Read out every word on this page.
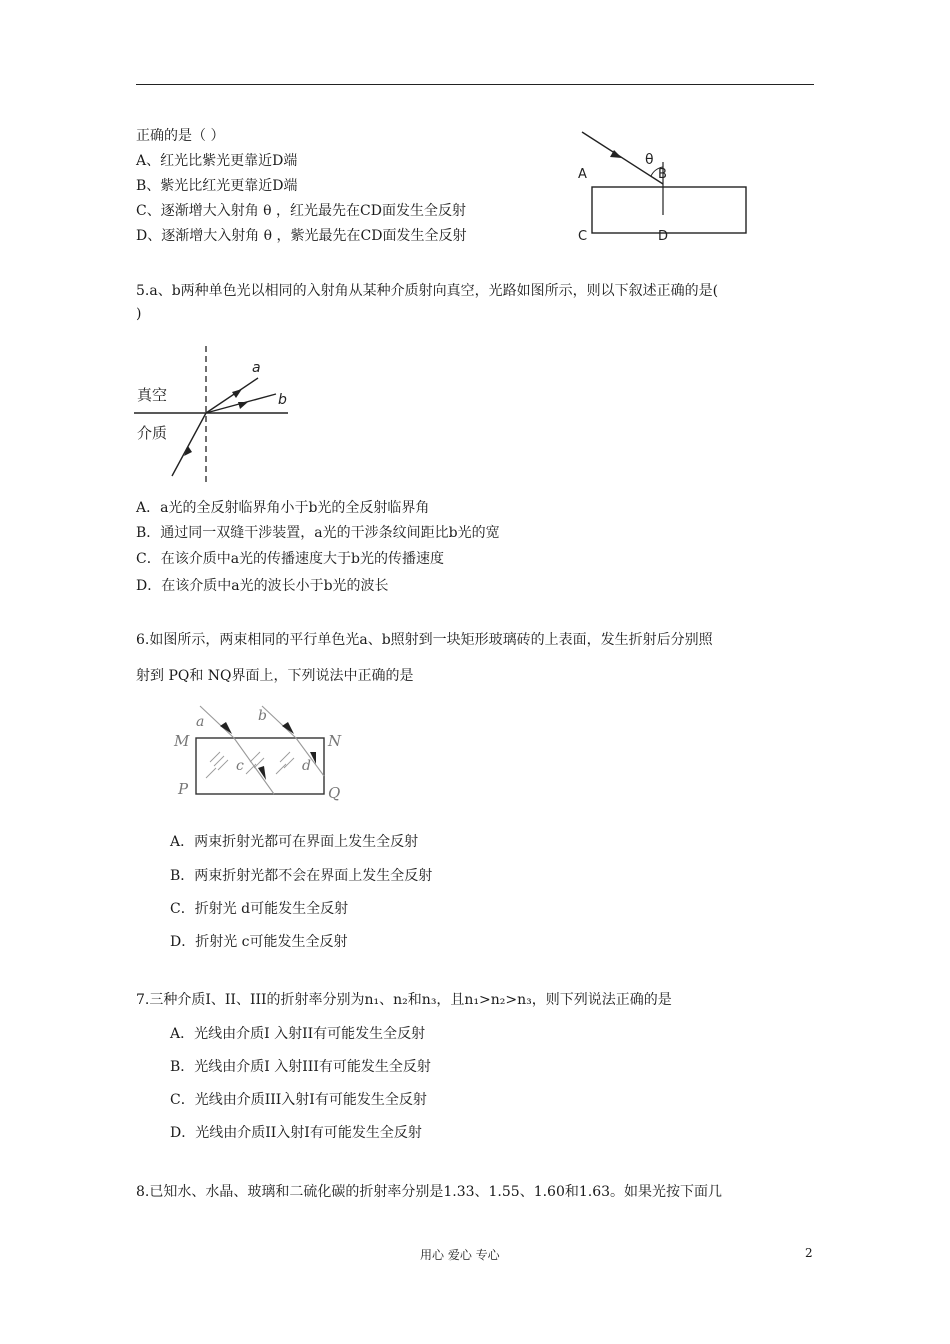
正确的是（ ）
A、红光比紫光更靠近D端
B、紫光比红光更靠近D端
C、逐渐增大入射角 θ ，红光最先在CD面发生全反射
D、逐渐增大入射角 θ ，紫光最先在CD面发生全反射
θ
A	B
C	D
5.a、b两种单色光以相同的入射角从某种介质射向真空，光路如图所示，则以下叙述正确的是(
)
真空
介质
a
b
A．a光的全反射临界角小于b光的全反射临界角
B．通过同一双缝干涉装置，a光的干涉条纹间距比b光的宽
C．在该介质中a光的传播速度大于b光的传播速度
D．在该介质中a光的波长小于b光的波长
6.如图所示，两束相同的平行单色光a、b照射到一块矩形玻璃砖的上表面，发生折射后分别照
射到 PQ和 NQ界面上，下列说法中正确的是
a	b
c	d
M	N
P	Q
A．两束折射光都可在界面上发生全反射
B．两束折射光都不会在界面上发生全反射
C．折射光 d可能发生全反射
D．折射光 c可能发生全反射
7.三种介质I、II、III的折射率分别为n₁、n₂和n₃，且n₁>n₂>n₃，则下列说法正确的是
A．光线由介质I 入射II有可能发生全反射
B．光线由介质I 入射III有可能发生全反射
C．光线由介质III入射I有可能发生全反射
D．光线由介质II入射I有可能发生全反射
8.已知水、水晶、玻璃和二硫化碳的折射率分别是1.33、1.55、1.60和1.63。如果光按下面几
用心 爱心 专心	2
